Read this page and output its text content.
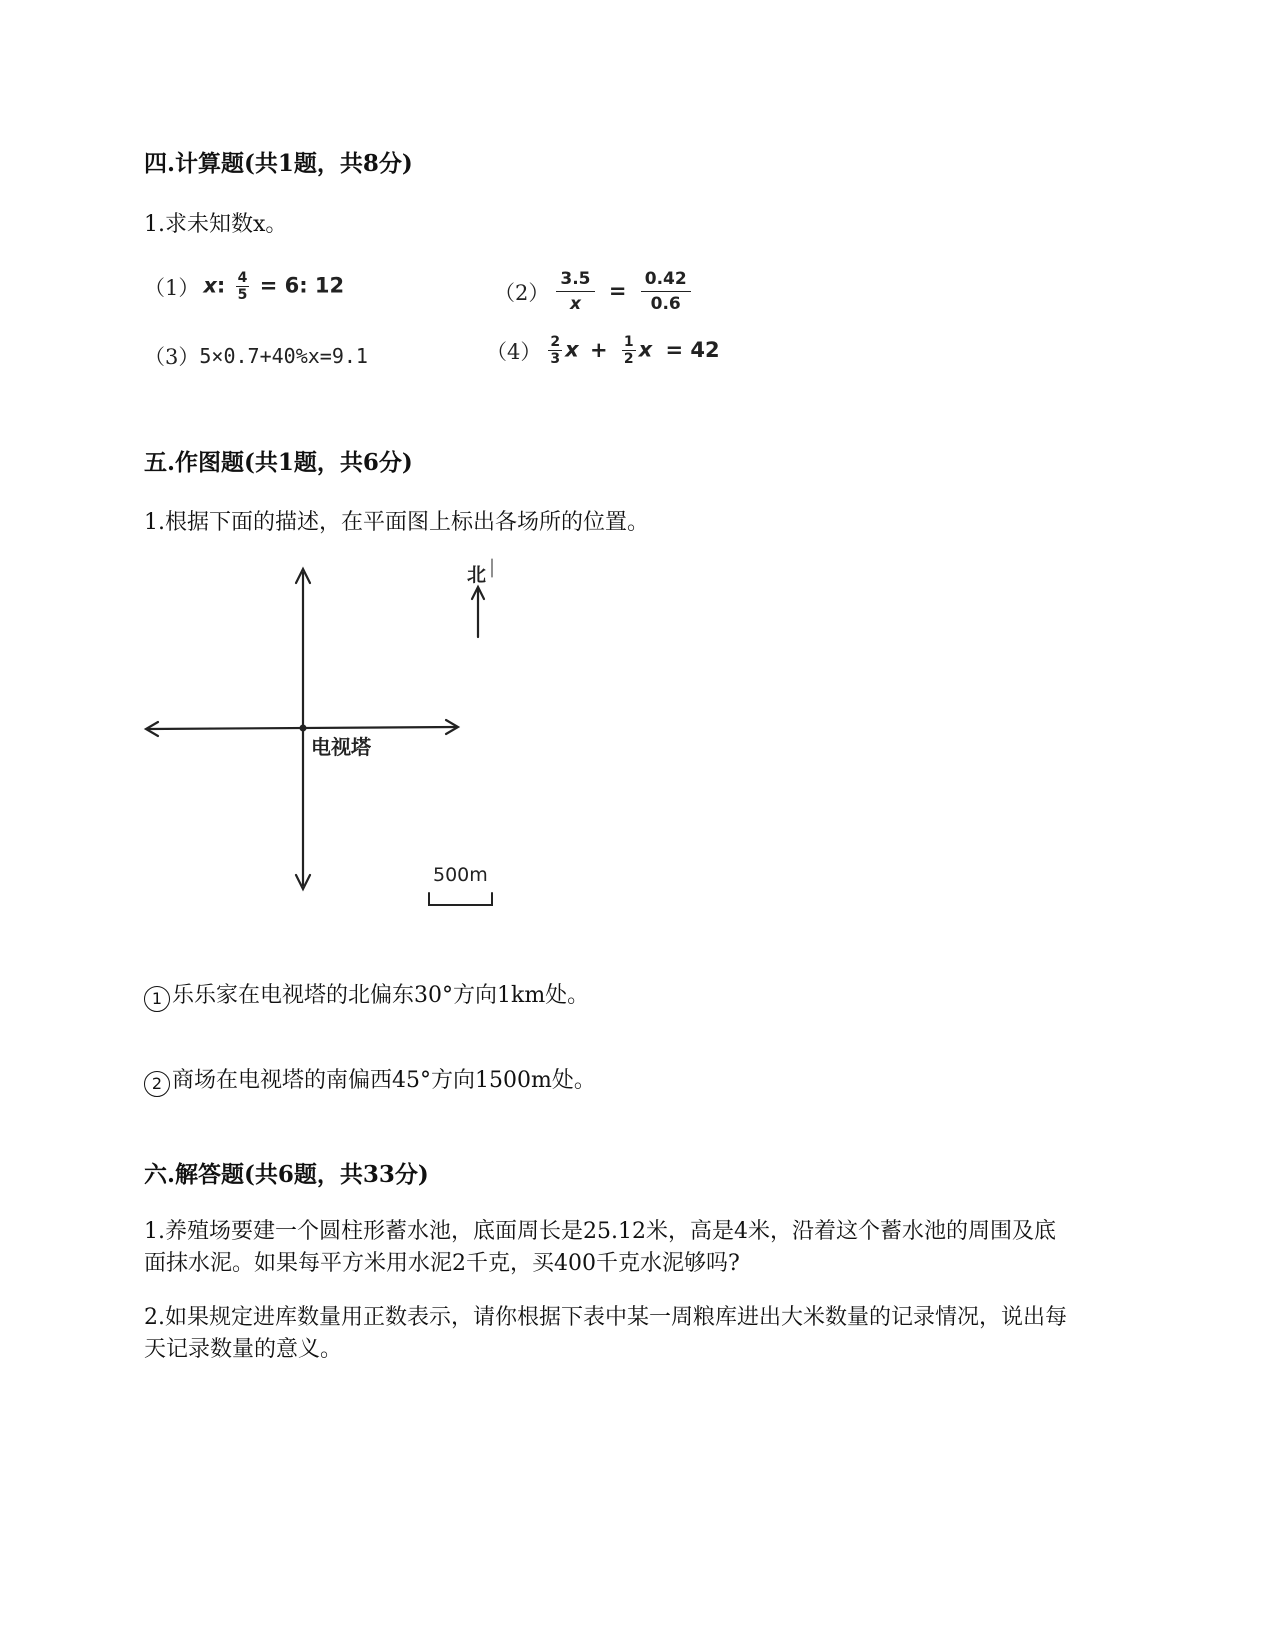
四.计算题(共1题，共8分)
1.求未知数x。
（1） x: $\frac{4}{5} = 6$: 12	$(2) \frac{3.5}{x} = \frac{0.42}{0.6}$
（3） 5×0.7+40%x=9.1	$(4) \frac{2}{3}$ $x + \frac{1}{2}$ x = 42
五.作图题(共1题，共6分)
1.根据下面的描述，在平面图上标出各场所的位置。
北
电视塔
500m
1 乐乐家在电视塔的北偏东30°方向1km处。
2 商场在电视塔的南偏西45°方向1500m处。
六.解答题(共6题，共33分)
1.养殖场要建一个圆柱形蓄水池，底面周长是25.12米，高是4米，沿着这个蓄水池的周围及底面抹水泥。如果每平方米用水泥2千克，买400千克水泥够吗?
2.如果规定进库数量用正数表示，请你根据下表中某一周粮库进出大米数量的记录情况，说出每天记录数量的意义。
